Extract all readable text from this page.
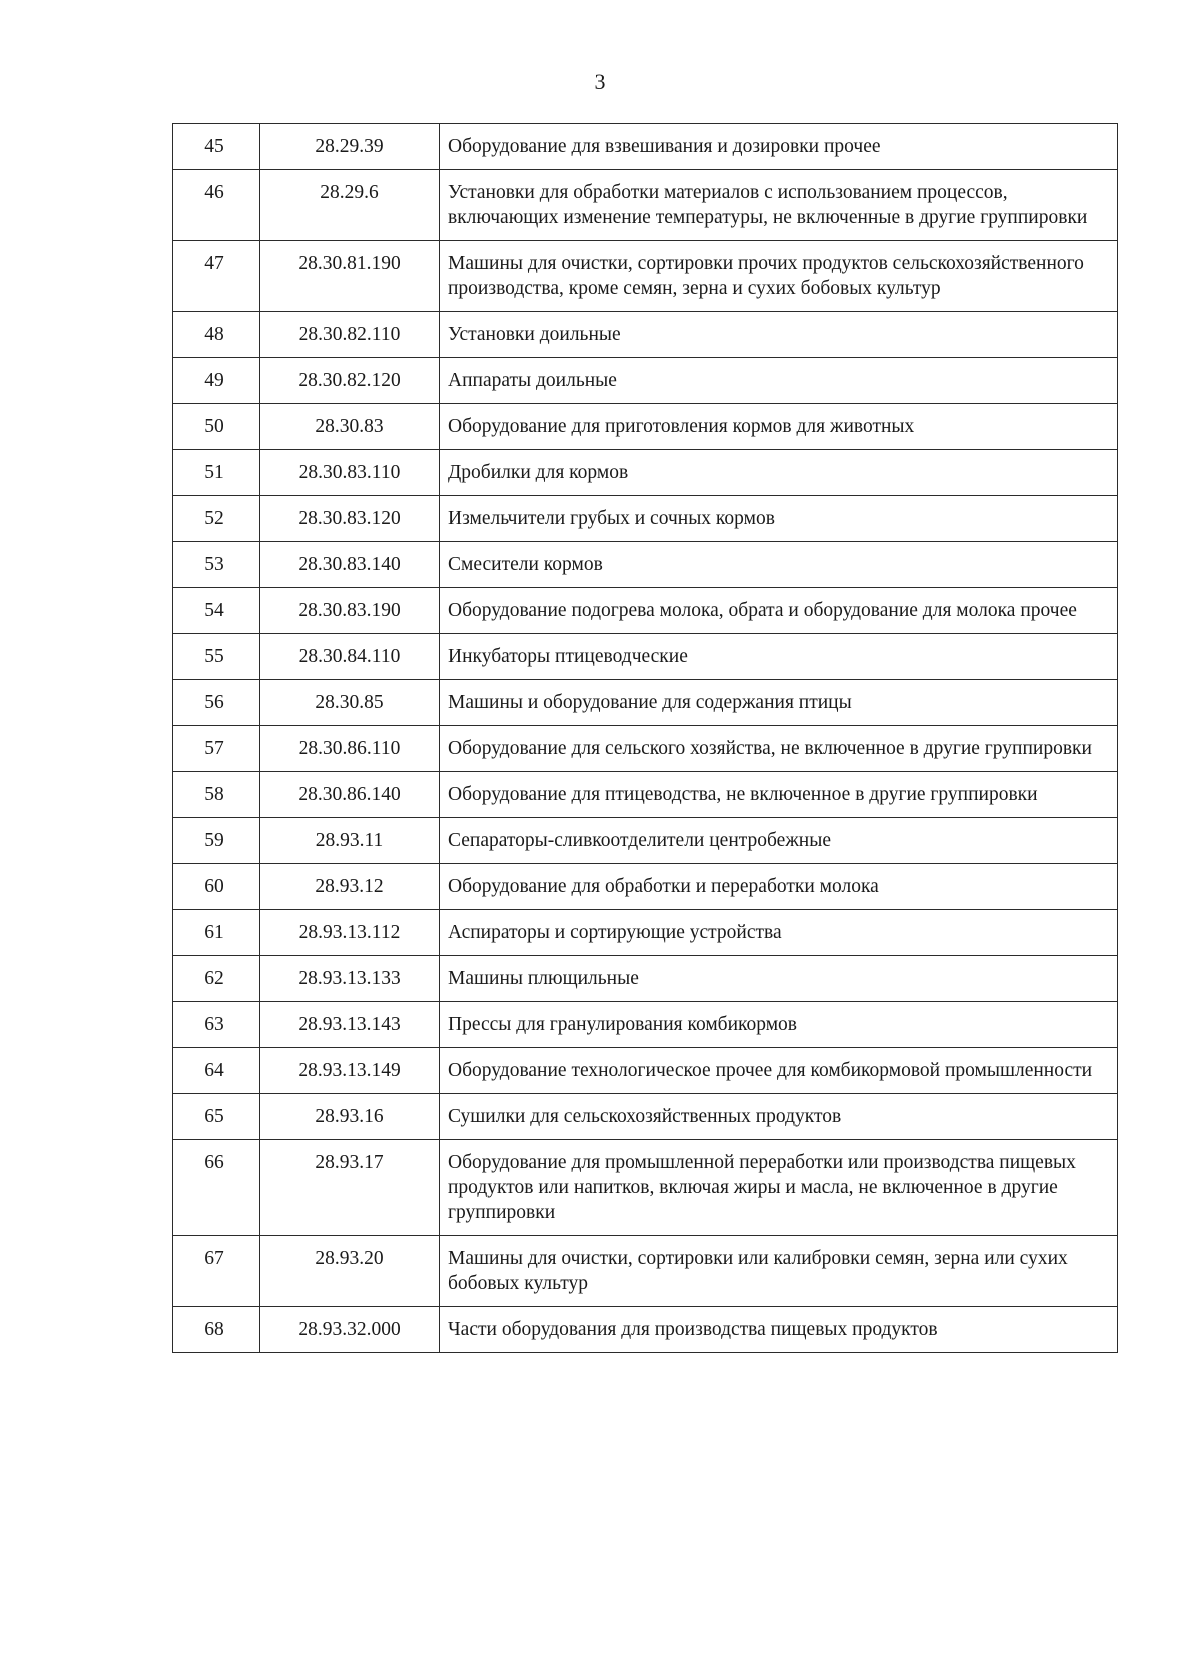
3
45	28.29.39	Оборудование для взвешивания и дозировки прочее
46	28.29.6	Установки для обработки материалов с использованием процессов, включающих изменение температуры, не включенные в другие группировки
47	28.30.81.190	Машины для очистки, сортировки прочих продуктов сельскохозяйственного производства, кроме семян, зерна и сухих бобовых культур
48	28.30.82.110	Установки доильные
49	28.30.82.120	Аппараты доильные
50	28.30.83	Оборудование для приготовления кормов для животных
51	28.30.83.110	Дробилки для кормов
52	28.30.83.120	Измельчители грубых и сочных кормов
53	28.30.83.140	Смесители кормов
54	28.30.83.190	Оборудование подогрева молока, обрата и оборудование для молока прочее
55	28.30.84.110	Инкубаторы птицеводческие
56	28.30.85	Машины и оборудование для содержания птицы
57	28.30.86.110	Оборудование для сельского хозяйства, не включенное в другие группировки
58	28.30.86.140	Оборудование для птицеводства, не включенное в другие группировки
59	28.93.11	Сепараторы-сливкоотделители центробежные
60	28.93.12	Оборудование для обработки и переработки молока
61	28.93.13.112	Аспираторы и сортирующие устройства
62	28.93.13.133	Машины плющильные
63	28.93.13.143	Прессы для гранулирования комбикормов
64	28.93.13.149	Оборудование технологическое прочее для комбикормовой промышленности
65	28.93.16	Сушилки для сельскохозяйственных продуктов
66	28.93.17	Оборудование для промышленной переработки или производства пищевых продуктов или напитков, включая жиры и масла, не включенное в другие группировки
67	28.93.20	Машины для очистки, сортировки или калибровки семян, зерна или сухих бобовых культур
68	28.93.32.000	Части оборудования для производства пищевых продуктов
